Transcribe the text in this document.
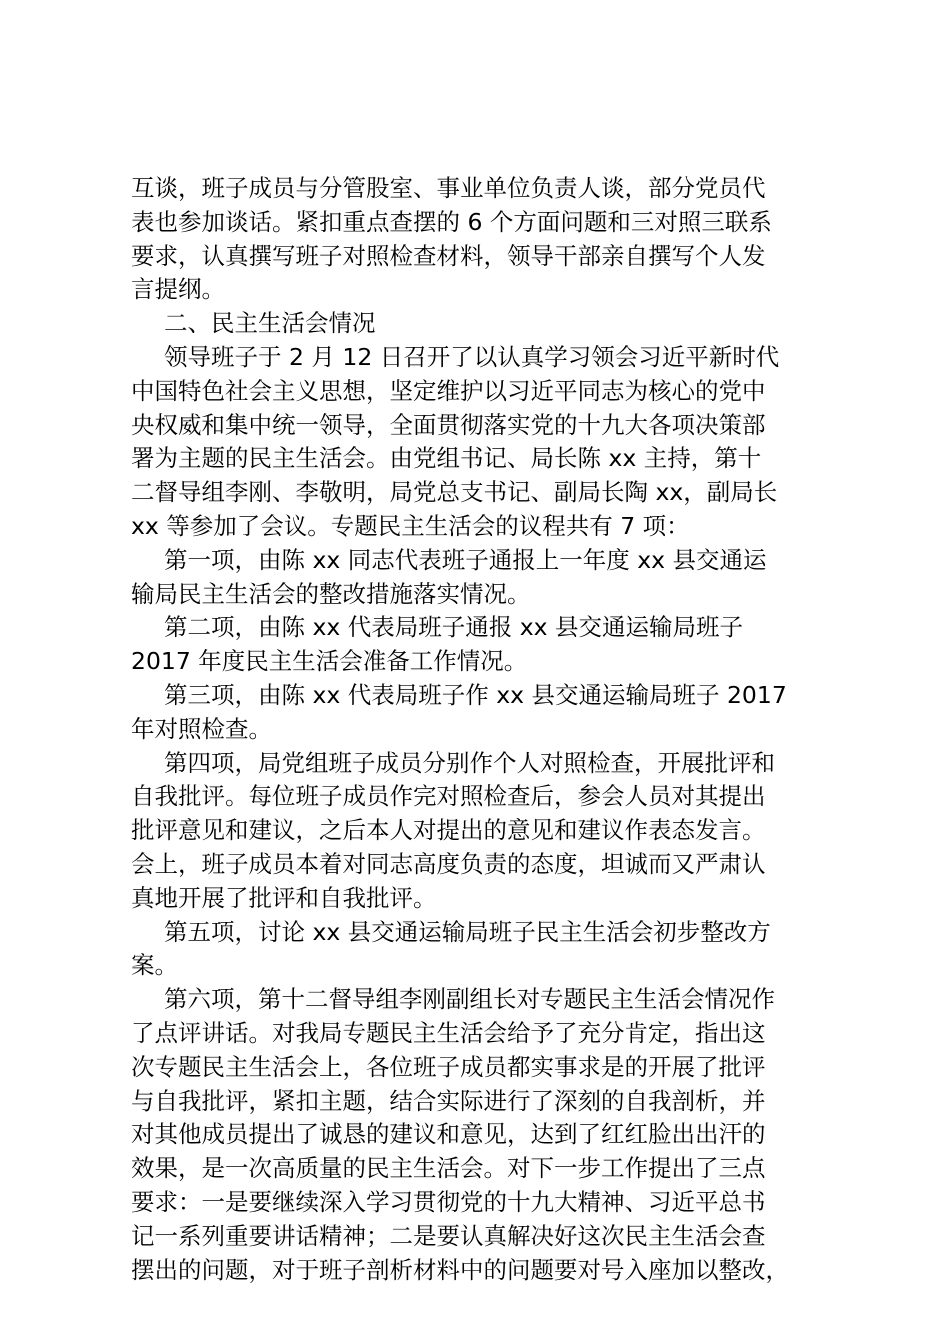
互谈，班子成员与分管股室、事业单位负责人谈，部分党员代
表也参加谈话。紧扣重点查摆的 6 个方面问题和三对照三联系
要求，认真撰写班子对照检查材料，领导干部亲自撰写个人发
言提纲。
二、民主生活会情况
领导班子于 2 月 12 日召开了以认真学习领会习近平新时代
中国特色社会主义思想，坚定维护以习近平同志为核心的党中
央权威和集中统一领导，全面贯彻落实党的十九大各项决策部
署为主题的民主生活会。由党组书记、局长陈 xx 主持，第十
二督导组李刚、李敬明，局党总支书记、副局长陶 xx，副局长
xx 等参加了会议。专题民主生活会的议程共有 7 项：
第一项，由陈 xx 同志代表班子通报上一年度 xx 县交通运
输局民主生活会的整改措施落实情况。
第二项，由陈 xx 代表局班子通报 xx 县交通运输局班子
2017 年度民主生活会准备工作情况。
第三项，由陈 xx 代表局班子作 xx 县交通运输局班子 2017
年对照检查。
第四项，局党组班子成员分别作个人对照检查，开展批评和
自我批评。每位班子成员作完对照检查后，参会人员对其提出
批评意见和建议，之后本人对提出的意见和建议作表态发言。
会上，班子成员本着对同志高度负责的态度，坦诚而又严肃认
真地开展了批评和自我批评。
第五项，讨论 xx 县交通运输局班子民主生活会初步整改方
案。
第六项，第十二督导组李刚副组长对专题民主生活会情况作
了点评讲话。对我局专题民主生活会给予了充分肯定，指出这
次专题民主生活会上，各位班子成员都实事求是的开展了批评
与自我批评，紧扣主题，结合实际进行了深刻的自我剖析，并
对其他成员提出了诚恳的建议和意见，达到了红红脸出出汗的
效果，是一次高质量的民主生活会。对下一步工作提出了三点
要求：一是要继续深入学习贯彻党的十九大精神、习近平总书
记一系列重要讲话精神；二是要认真解决好这次民主生活会查
摆出的问题，对于班子剖析材料中的问题要对号入座加以整改，
